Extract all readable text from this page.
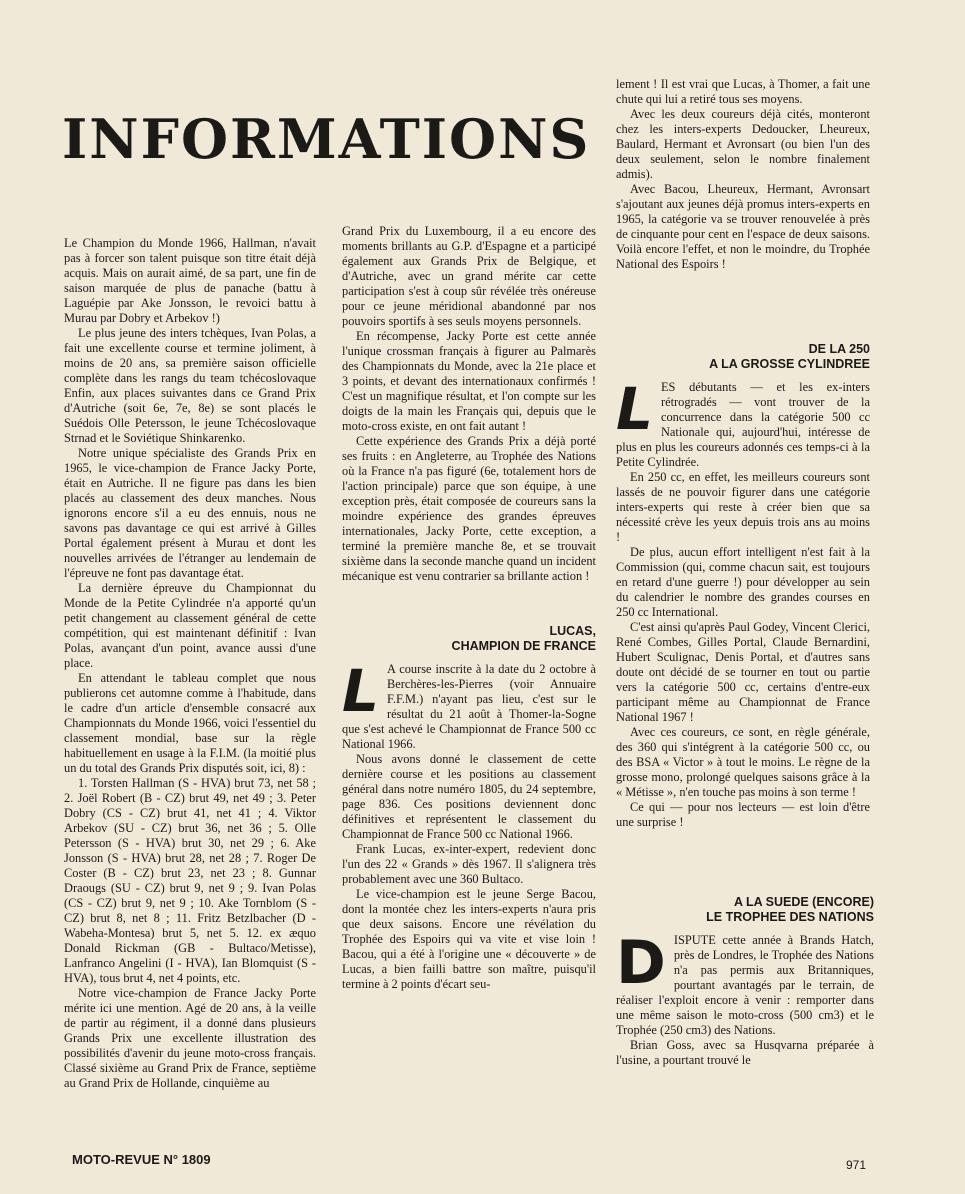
INFORMATIONS

Le Champion du Monde 1966, Hallman, n'avait pas à forcer son talent puisque son titre était déjà acquis. Mais on aurait aimé, de sa part, une fin de saison marquée de plus de panache (battu à Laguépie par Ake Jonsson, le revoici battu à Murau par Dobry et Arbekov !)

Le plus jeune des inters tchèques, Ivan Polas, a fait une excellente course et termine joliment, à moins de 20 ans, sa première saison officielle complète dans les rangs du team tchécoslovaque Enfin, aux places suivantes dans ce Grand Prix d'Autriche (soit 6e, 7e, 8e) se sont placés le Suédois Olle Petersson, le jeune Tchécoslovaque Strnad et le Soviétique Shinkarenko.

Notre unique spécialiste des Grands Prix en 1965, le vice-champion de France Jacky Porte, était en Autriche. Il ne figure pas dans les bien placés au classement des deux manches. Nous ignorons encore s'il a eu des ennuis, nous ne savons pas davantage ce qui est arrivé à Gilles Portal également présent à Murau et dont les nouvelles arrivées de l'étranger au lendemain de l'épreuve ne font pas davantage état.

La dernière épreuve du Championnat du Monde de la Petite Cylindrée n'a apporté qu'un petit changement au classement général de cette compétition, qui est maintenant définitif : Ivan Polas, avançant d'un point, avance aussi d'une place.

En attendant le tableau complet que nous publierons cet automne comme à l'habitude, dans le cadre d'un article d'ensemble consacré aux Championnats du Monde 1966, voici l'essentiel du classement mondial, base sur la règle habituellement en usage à la F.I.M. (la moitié plus un du total des Grands Prix disputés soit, ici, 8) :

1. Torsten Hallman (S - HVA) brut 73, net 58 ; 2. Joël Robert (B - CZ) brut 49, net 49 ; 3. Peter Dobry (CS - CZ) brut 41, net 41 ; 4. Viktor Arbekov (SU - CZ) brut 36, net 36 ; 5. Olle Petersson (S - HVA) brut 30, net 29 ; 6. Ake Jonsson (S - HVA) brut 28, net 28 ; 7. Roger De Coster (B - CZ) brut 23, net 23 ; 8. Gunnar Draougs (SU - CZ) brut 9, net 9 ; 9. Ivan Polas (CS - CZ) brut 9, net 9 ; 10. Ake Tornblom (S - CZ) brut 8, net 8 ; 11. Fritz Betzlbacher (D - Wabeha-Montesa) brut 5, net 5. 12. ex æquo Donald Rickman (GB - Bultaco/Metisse), Lanfranco Angelini (I - HVA), Ian Blomquist (S - HVA), tous brut 4, net 4 points, etc.

Notre vice-champion de France Jacky Porte mérite ici une mention. Agé de 20 ans, à la veille de partir au régiment, il a donné dans plusieurs Grands Prix une excellente illustration des possibilités d'avenir du jeune moto-cross français. Classé sixième au Grand Prix de France, septième au Grand Prix de Hollande, cinquième au

Grand Prix du Luxembourg, il a eu encore des moments brillants au G.P. d'Espagne et a participé également aux Grands Prix de Belgique, et d'Autriche, avec un grand mérite car cette participation s'est à coup sûr révélée très onéreuse pour ce jeune méridional abandonné par nos pouvoirs sportifs à ses seuls moyens personnels.

En récompense, Jacky Porte est cette année l'unique crossman français à figurer au Palmarès des Championnats du Monde, avec la 21e place et 3 points, et devant des internationaux confirmés ! C'est un magnifique résultat, et l'on compte sur les doigts de la main les Français qui, depuis que le moto-cross existe, en ont fait autant !

Cette expérience des Grands Prix a déjà porté ses fruits : en Angleterre, au Trophée des Nations où la France n'a pas figuré (6e, totalement hors de l'action principale) parce que son équipe, à une exception près, était composée de coureurs sans la moindre expérience des grandes épreuves internationales, Jacky Porte, cette exception, a terminé la première manche 8e, et se trouvait sixième dans la seconde manche quand un incident mécanique est venu contrarier sa brillante action !

LUCAS,
CHAMPION DE FRANCE
L A course inscrite à la date du 2 octobre à Berchères-les-Pierres (voir Annuaire F.F.M.) n'ayant pas lieu, c'est sur le résultat du 21 août à Thomer-la-Sogne que s'est achevé le Championnat de France 500 cc National 1966.

Nous avons donné le classement de cette dernière course et les positions au classement général dans notre numéro 1805, du 24 septembre, page 836. Ces positions deviennent donc définitives et représentent le classement du Championnat de France 500 cc National 1966.

Frank Lucas, ex-inter-expert, redevient donc l'un des 22 « Grands » dès 1967. Il s'alignera très probablement avec une 360 Bultaco.

Le vice-champion est le jeune Serge Bacou, dont la montée chez les inters-experts n'aura pris que deux saisons. Encore une révélation du Trophée des Espoirs qui va vite et vise loin ! Bacou, qui a été à l'origine une « découverte » de Lucas, a bien failli battre son maître, puisqu'il termine à 2 points d'écart seu-

lement ! Il est vrai que Lucas, à Thomer, a fait une chute qui lui a retiré tous ses moyens.

Avec les deux coureurs déjà cités, monteront chez les inters-experts Dedoucker, Lheureux, Baulard, Hermant et Avronsart (ou bien l'un des deux seulement, selon le nombre finalement admis).

Avec Bacou, Lheureux, Hermant, Avronsart s'ajoutant aux jeunes déjà promus inters-experts en 1965, la catégorie va se trouver renouvelée à près de cinquante pour cent en l'espace de deux saisons. Voilà encore l'effet, et non le moindre, du Trophée National des Espoirs !

DE LA 250
A LA GROSSE CYLINDREE
L ES débutants — et les ex-inters rétrogradés — vont trouver de la concurrence dans la catégorie 500 cc Nationale qui, aujourd'hui, intéresse de plus en plus les coureurs adonnés ces temps-ci à la Petite Cylindrée.

En 250 cc, en effet, les meilleurs coureurs sont lassés de ne pouvoir figurer dans une catégorie inters-experts qui reste à créer bien que sa nécessité crève les yeux depuis trois ans au moins !

De plus, aucun effort intelligent n'est fait à la Commission (qui, comme chacun sait, est toujours en retard d'une guerre !) pour développer au sein du calendrier le nombre des grandes courses en 250 cc International.

C'est ainsi qu'après Paul Godey, Vincent Clerici, René Combes, Gilles Portal, Claude Bernardini, Hubert Sculignac, Denis Portal, et d'autres sans doute ont décidé de se tourner en tout ou partie vers la catégorie 500 cc, certains d'entre-eux participant même au Championnat de France National 1967 !

Avec ces coureurs, ce sont, en règle générale, des 360 qui s'intégrent à la catégorie 500 cc, ou des BSA « Victor » à tout le moins. Le règne de la grosse mono, prolongé quelques saisons grâce à la « Métisse », n'en touche pas moins à son terme !

Ce qui — pour nos lecteurs — est loin d'être une surprise !

A LA SUEDE (ENCORE)
LE TROPHEE DES NATIONS
D ISPUTE cette année à Brands Hatch, près de Londres, le Trophée des Nations n'a pas permis aux Britanniques, pourtant avantagés par le terrain, de réaliser l'exploit encore à venir : remporter dans une même saison le moto-cross (500 cm3) et le Trophée (250 cm3) des Nations.

Brian Goss, avec sa Husqvarna préparée à l'usine, a pourtant trouvé le

MOTO-REVUE N° 1809	971
